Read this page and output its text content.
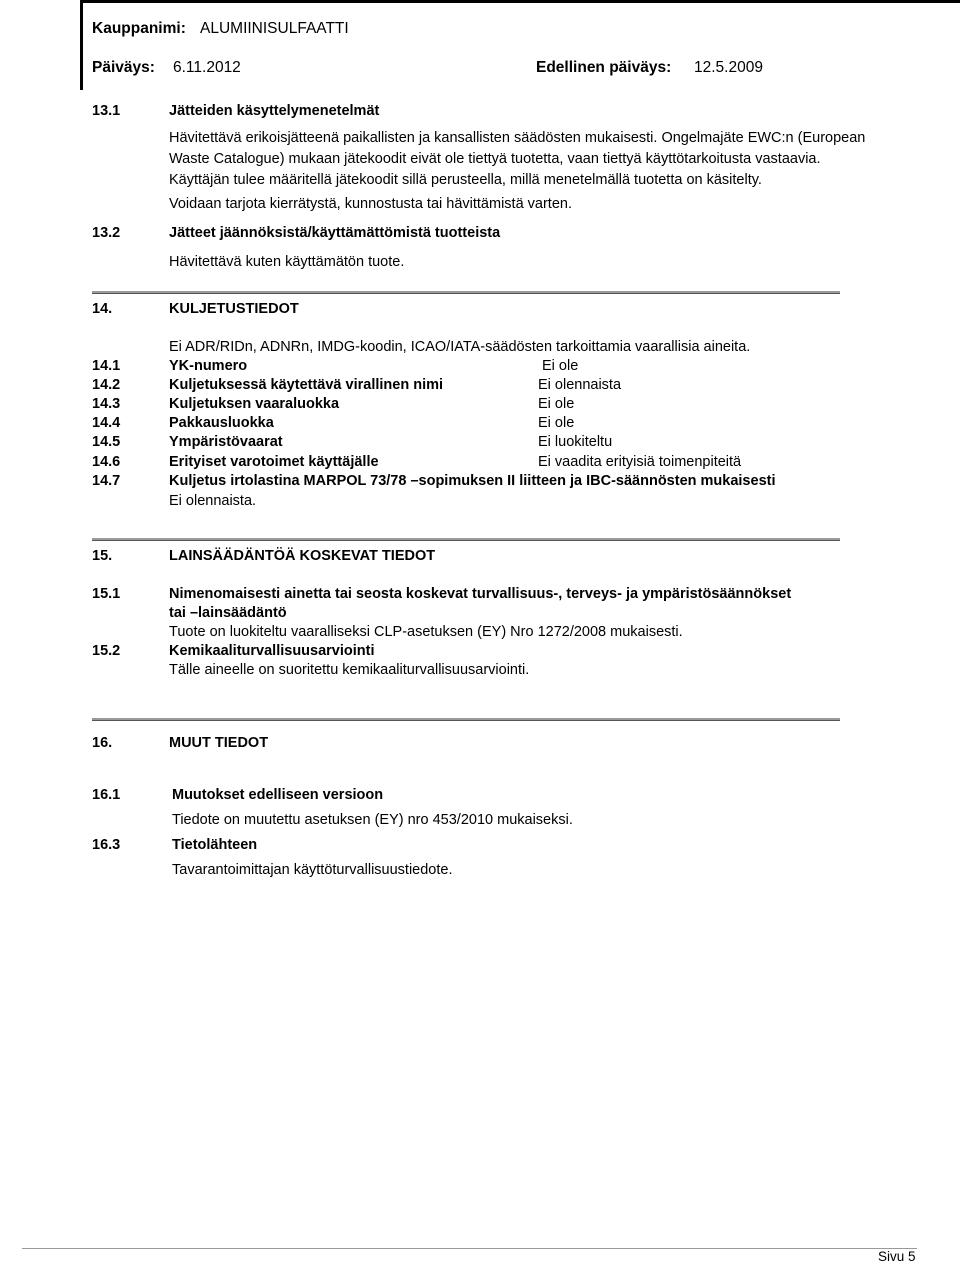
Kauppanimi: ALUMIINISULFAATTI
Päiväys: 6.11.2012	Edellinen päiväys: 12.5.2009
13.1	Jätteiden käsyttelymenetelmät
Hävitettävä erikoisjätteenä paikallisten ja kansallisten säädösten mukaisesti. Ongelmajäte EWC:n (European Waste Catalogue) mukaan jätekoodit eivät ole tiettyä tuotetta, vaan tiettyä käyttötarkoitusta vastaavia. Käyttäjän tulee määritellä jätekoodit sillä perusteella, millä menetelmällä tuotetta on käsitelty.
Voidaan tarjota kierrätystä, kunnostusta tai hävittämistä varten.
13.2	Jätteet jäännöksistä/käyttämättömistä tuotteista
Hävitettävä kuten käyttämätön tuote.
14.	KULJETUSTIEDOT
Ei ADR/RIDn, ADNRn, IMDG-koodin, ICAO/IATA-säädösten tarkoittamia vaarallisia aineita.
14.1	YK-numero	Ei ole
14.2	Kuljetuksessä käytettävä virallinen nimi	Ei olennaista
14.3	Kuljetuksen vaaraluokka	Ei ole
14.4	Pakkausluokka	Ei ole
14.5	Ympäristövaarat	Ei luokiteltu
14.6	Erityiset varotoimet käyttäjälle	Ei vaadita erityisiä toimenpiteitä
14.7	Kuljetus irtolastina MARPOL 73/78 –sopimuksen II liitteen ja IBC-säännösten mukaisesti
Ei olennaista.
15.	LAINSÄÄDÄNTÖÄ KOSKEVAT TIEDOT
15.1	Nimenomaisesti ainetta tai seosta koskevat turvallisuus-, terveys- ja ympäristösäännökset
tai –lainsäädäntö
Tuote on luokiteltu vaaralliseksi CLP-asetuksen (EY) Nro 1272/2008 mukaisesti.
15.2	Kemikaaliturvallisuusarviointi
Tälle aineelle on suoritettu kemikaaliturvallisuusarviointi.
16.	MUUT TIEDOT
16.1	Muutokset edelliseen versioon
Tiedote on muutettu asetuksen (EY) nro 453/2010 mukaiseksi.
16.3	Tietolähteen
Tavarantoimittajan käyttöturvallisuustiedote.
Sivu 5
